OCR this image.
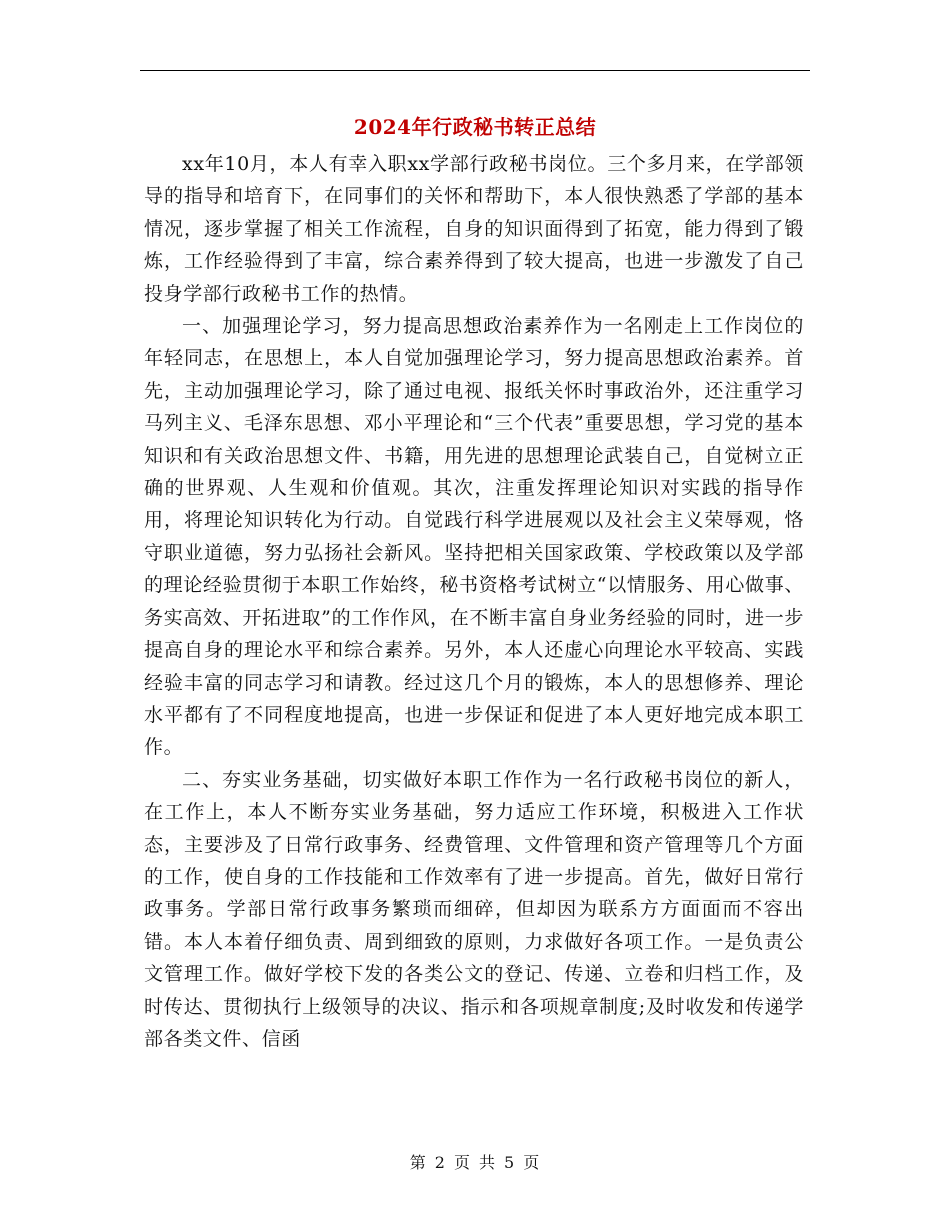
2024年行政秘书转正总结

xx年10月，本人有幸入职xx学部行政秘书岗位。三个多月来，在学部领导的指导和培育下，在同事们的关怀和帮助下，本人很快熟悉了学部的基本情况，逐步掌握了相关工作流程，自身的知识面得到了拓宽，能力得到了锻炼，工作经验得到了丰富，综合素养得到了较大提高，也进一步激发了自己投身学部行政秘书工作的热情。

一、加强理论学习，努力提高思想政治素养作为一名刚走上工作岗位的年轻同志，在思想上，本人自觉加强理论学习，努力提高思想政治素养。首先，主动加强理论学习，除了通过电视、报纸关怀时事政治外，还注重学习马列主义、毛泽东思想、邓小平理论和“三个代表”重要思想，学习党的基本知识和有关政治思想文件、书籍，用先进的思想理论武装自己，自觉树立正确的世界观、人生观和价值观。其次，注重发挥理论知识对实践的指导作用，将理论知识转化为行动。自觉践行科学进展观以及社会主义荣辱观，恪守职业道德，努力弘扬社会新风。坚持把相关国家政策、学校政策以及学部的理论经验贯彻于本职工作始终，秘书资格考试树立“以情服务、用心做事、务实高效、开拓进取”的工作作风，在不断丰富自身业务经验的同时，进一步提高自身的理论水平和综合素养。另外，本人还虚心向理论水平较高、实践经验丰富的同志学习和请教。经过这几个月的锻炼，本人的思想修养、理论水平都有了不同程度地提高，也进一步保证和促进了本人更好地完成本职工作。

二、夯实业务基础，切实做好本职工作作为一名行政秘书岗位的新人，在工作上，本人不断夯实业务基础，努力适应工作环境，积极进入工作状态，主要涉及了日常行政事务、经费管理、文件管理和资产管理等几个方面的工作，使自身的工作技能和工作效率有了进一步提高。首先，做好日常行政事务。学部日常行政事务繁琐而细碎，但却因为联系方方面面而不容出错。本人本着仔细负责、周到细致的原则，力求做好各项工作。一是负责公文管理工作。做好学校下发的各类公文的登记、传递、立卷和归档工作，及时传达、贯彻执行上级领导的决议、指示和各项规章制度;及时收发和传递学部各类文件、信函

第 2 页 共 5 页
